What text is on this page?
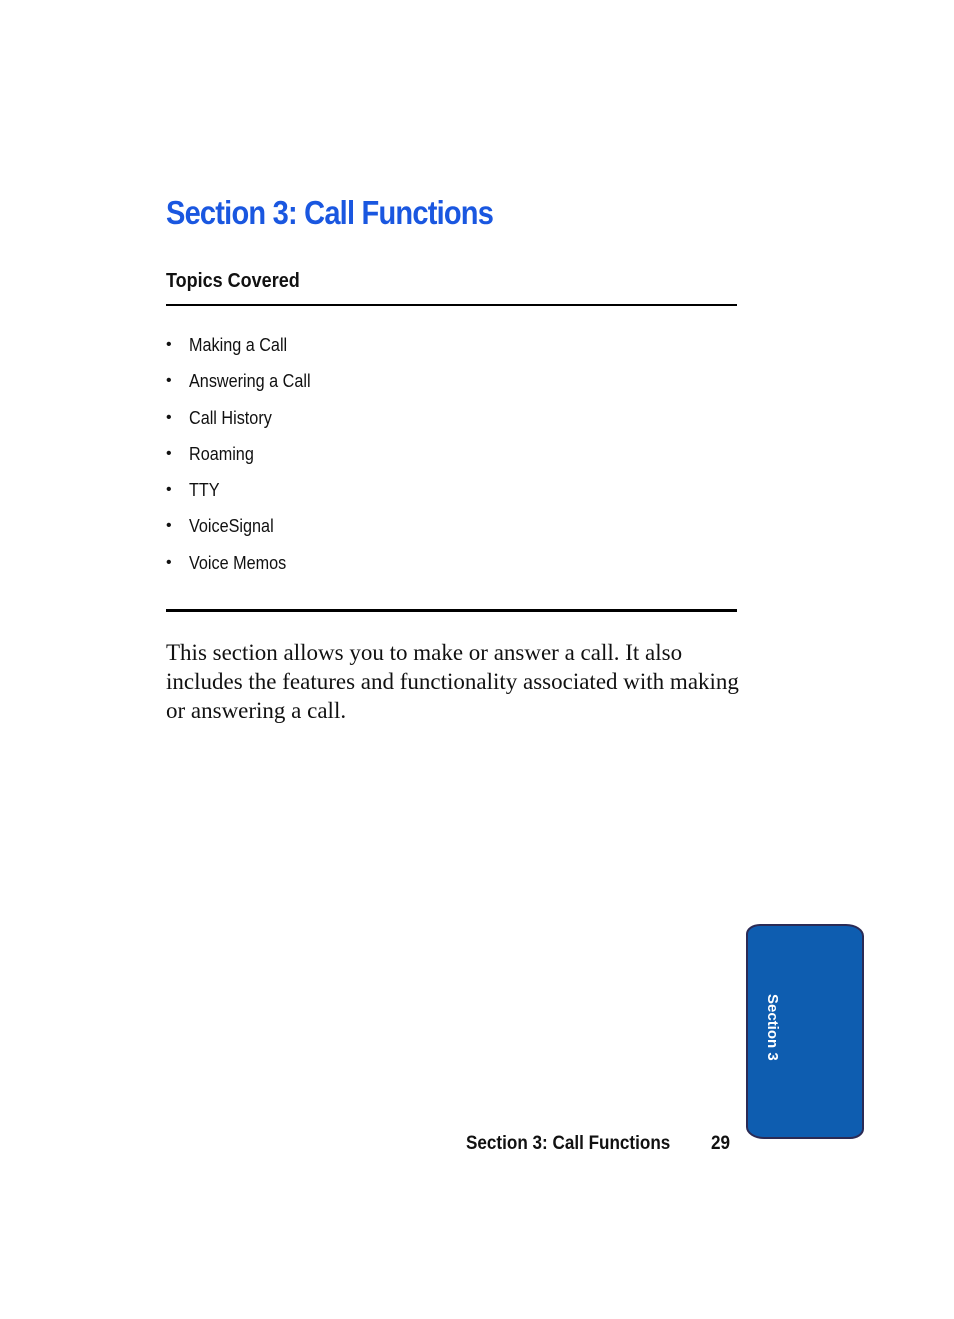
Section 3: Call Functions
Topics Covered
• Making a Call
• Answering a Call
• Call History
• Roaming
• TTY
• VoiceSignal
• Voice Memos

This section allows you to make or answer a call. It also includes the features and functionality associated with making or answering a call.

Section 3
Section 3: Call Functions 29
